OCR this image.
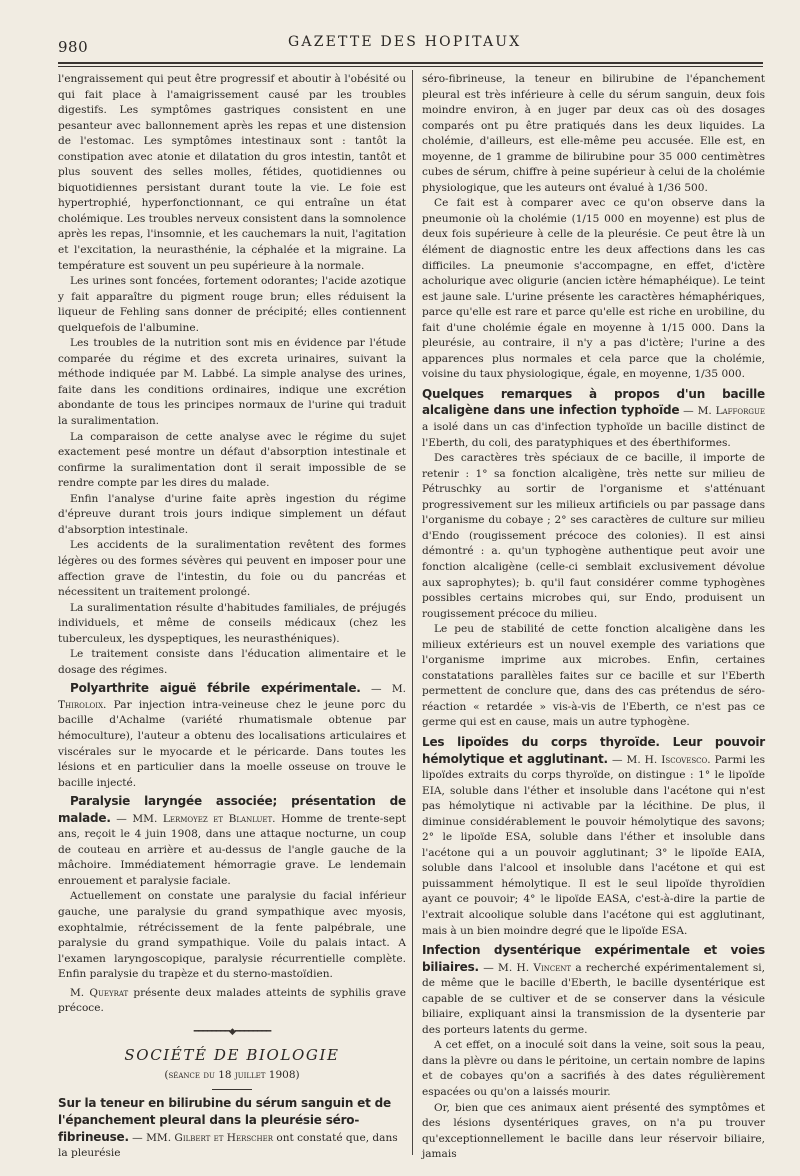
980	GAZETTE DES HOPITAUX

l'engraissement qui peut être progressif et aboutir à l'obésité ou qui fait place à l'amaigrissement causé par les troubles digestifs. Les symptômes gastriques consistent en une pesanteur avec ballonnement après les repas et une distension de l'estomac. Les symptômes intestinaux sont : tantôt la constipation avec atonie et dilatation du gros intestin, tantôt et plus souvent des selles molles, fétides, quotidiennes ou biquotidiennes persistant durant toute la vie. Le foie est hypertrophié, hyperfonctionnant, ce qui entraîne un état cholémique. Les troubles nerveux consistent dans la somnolence après les repas, l'insomnie, et les cauchemars la nuit, l'agitation et l'excitation, la neurasthénie, la céphalée et la migraine. La température est souvent un peu supérieure à la normale.

Les urines sont foncées, fortement odorantes; l'acide azotique y fait apparaître du pigment rouge brun; elles réduisent la liqueur de Fehling sans donner de précipité; elles contiennent quelquefois de l'albumine.

Les troubles de la nutrition sont mis en évidence par l'étude comparée du régime et des excreta urinaires, suivant la méthode indiquée par M. Labbé. La simple analyse des urines, faite dans les conditions ordinaires, indique une excrétion abondante de tous les principes normaux de l'urine qui traduit la suralimentation.

La comparaison de cette analyse avec le régime du sujet exactement pesé montre un défaut d'absorption intestinale et confirme la suralimentation dont il serait impossible de se rendre compte par les dires du malade.

Enfin l'analyse d'urine faite après ingestion du régime d'épreuve durant trois jours indique simplement un défaut d'absorption intestinale.

Les accidents de la suralimentation revêtent des formes légères ou des formes sévères qui peuvent en imposer pour une affection grave de l'intestin, du foie ou du pancréas et nécessitent un traitement prolongé.

La suralimentation résulte d'habitudes familiales, de préjugés individuels, et même de conseils médicaux (chez les tuberculeux, les dyspeptiques, les neurasthéniques).

Le traitement consiste dans l'éducation alimentaire et le dosage des régimes.

Polyarthrite aiguë fébrile expérimentale. — M. Thiroloix. Par injection intra-veineuse chez le jeune porc du bacille d'Achalme (variété rhumatismale obtenue par hémoculture), l'auteur a obtenu des localisations articulaires et viscérales sur le myocarde et le péricarde. Dans toutes les lésions et en particulier dans la moelle osseuse on trouve le bacille injecté.

Paralysie laryngée associée; présentation de malade. — MM. Lermoyez et Blanluet. Homme de trente-sept ans, reçoit le 4 juin 1908, dans une attaque nocturne, un coup de couteau en arrière et au-dessus de l'angle gauche de la mâchoire. Immédiatement hémorragie grave. Le lendemain enrouement et paralysie faciale.

Actuellement on constate une paralysie du facial inférieur gauche, une paralysie du grand sympathique avec myosis, exophtalmie, rétrécissement de la fente palpébrale, une paralysie du grand sympathique. Voile du palais intact. A l'examen laryngoscopique, paralysie récurrentielle complète. Enfin paralysie du trapèze et du sterno-mastoïdien.

M. Queyrat présente deux malades atteints de syphilis grave précoce.

━━━━━━━━◆━━━━━━━━
SOCIÉTÉ DE BIOLOGIE
(séance du 18 juillet 1908)

Sur la teneur en bilirubine du sérum sanguin et de l'épanchement pleural dans la pleurésie séro-fibrineuse. — MM. Gilbert et Herscher ont constaté que, dans la pleurésie

séro-fibrineuse, la teneur en bilirubine de l'épanchement pleural est très inférieure à celle du sérum sanguin, deux fois moindre environ, à en juger par deux cas où des dosages comparés ont pu être pratiqués dans les deux liquides. La cholémie, d'ailleurs, est elle-même peu accusée. Elle est, en moyenne, de 1 gramme de bilirubine pour 35 000 centimètres cubes de sérum, chiffre à peine supérieur à celui de la cholémie physiologique, que les auteurs ont évalué à 1/36 500.

Ce fait est à comparer avec ce qu'on observe dans la pneumonie où la cholémie (1/15 000 en moyenne) est plus de deux fois supérieure à celle de la pleurésie. Ce peut être là un élément de diagnostic entre les deux affections dans les cas difficiles. La pneumonie s'accompagne, en effet, d'ictère acholurique avec oligurie (ancien ictère hémaphéique). Le teint est jaune sale. L'urine présente les caractères hémaphériques, parce qu'elle est rare et parce qu'elle est riche en urobiline, du fait d'une cholémie égale en moyenne à 1/15 000. Dans la pleurésie, au contraire, il n'y a pas d'ictère; l'urine a des apparences plus normales et cela parce que la cholémie, voisine du taux physiologique, égale, en moyenne, 1/35 000.

Quelques remarques à propos d'un bacille alcaligène dans une infection typhoïde — M. Lafforgue a isolé dans un cas d'infection typhoïde un bacille distinct de l'Eberth, du coli, des paratyphiques et des éberthiformes.

Des caractères très spéciaux de ce bacille, il importe de retenir : 1° sa fonction alcaligène, très nette sur milieu de Pétruschky au sortir de l'organisme et s'atténuant progressivement sur les milieux artificiels ou par passage dans l'organisme du cobaye ; 2° ses caractères de culture sur milieu d'Endo (rougissement précoce des colonies). Il est ainsi démontré : a. qu'un typhogène authentique peut avoir une fonction alcaligène (celle-ci semblait exclusivement dévolue aux saprophytes); b. qu'il faut considérer comme typhogènes possibles certains microbes qui, sur Endo, produisent un rougissement précoce du milieu.

Le peu de stabilité de cette fonction alcaligène dans les milieux extérieurs est un nouvel exemple des variations que l'organisme imprime aux microbes. Enfin, certaines constatations parallèles faites sur ce bacille et sur l'Eberth permettent de conclure que, dans des cas prétendus de séro-réaction « retardée » vis-à-vis de l'Eberth, ce n'est pas ce germe qui est en cause, mais un autre typhogène.

Les lipoïdes du corps thyroïde. Leur pouvoir hémolytique et agglutinant. — M. H. Iscovesco. Parmi les lipoïdes extraits du corps thyroïde, on distingue : 1° le lipoïde EIA, soluble dans l'éther et insoluble dans l'acétone qui n'est pas hémolytique ni activable par la lécithine. De plus, il diminue considérablement le pouvoir hémolytique des savons; 2° le lipoïde ESA, soluble dans l'éther et insoluble dans l'acétone qui a un pouvoir agglutinant; 3° le lipoïde EAIA, soluble dans l'alcool et insoluble dans l'acétone et qui est puissamment hémolytique. Il est le seul lipoïde thyroïdien ayant ce pouvoir; 4° le lipoïde EASA, c'est-à-dire la partie de l'extrait alcoolique soluble dans l'acétone qui est agglutinant, mais à un bien moindre degré que le lipoïde ESA.

Infection dysentérique expérimentale et voies biliaires. — M. H. Vincent a recherché expérimentalement si, de même que le bacille d'Eberth, le bacille dysentérique est capable de se cultiver et de se conserver dans la vésicule biliaire, expliquant ainsi la transmission de la dysenterie par des porteurs latents du germe.

A cet effet, on a inoculé soit dans la veine, soit sous la peau, dans la plèvre ou dans le péritoine, un certain nombre de lapins et de cobayes qu'on a sacrifiés à des dates régulièrement espacées ou qu'on a laissés mourir.

Or, bien que ces animaux aient présenté des symptômes et des lésions dysentériques graves, on n'a pu trouver qu'exceptionnellement le bacille dans leur réservoir biliaire, jamais
